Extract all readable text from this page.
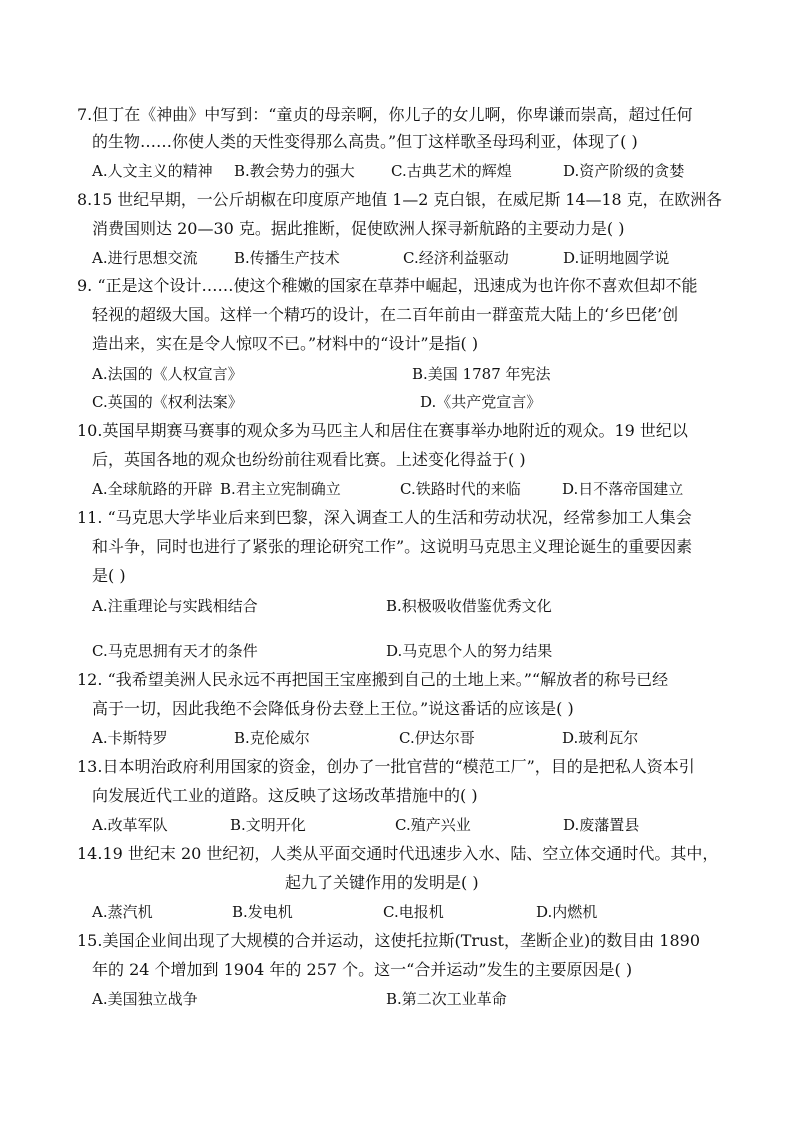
7.但丁在《神曲》中写到：“童贞的母亲啊，你儿子的女儿啊，你卑谦而崇高，超过任何
的生物……你使人类的天性变得那么高贵。”但丁这样歌圣母玛利亚，体现了( )
A.人文主义的精神 B.教会势力的强大 C.古典艺术的辉煌	D.资产阶级的贪婪
8.15 世纪早期，一公斤胡椒在印度原产地值 1—2 克白银，在威尼斯 14—18 克，在欧洲各
消费国则达 20—30 克。据此推断，促使欧洲人探寻新航路的主要动力是( )
A.进行思想交流 B.传播生产技术	C.经济利益驱动	D.证明地圆学说
9. “正是这个设计……使这个稚嫩的国家在草莽中崛起，迅速成为也许你不喜欢但却不能
轻视的超级大国。这样一个精巧的设计，在二百年前由一群蛮荒大陆上的‘乡巴佬’创
造出来，实在是令人惊叹不已。”材料中的“设计”是指( )
A.法国的《人权宣言》	B.美国 1787 年宪法
C.英国的《权利法案》	D.《共产党宣言》
10.英国早期赛马赛事的观众多为马匹主人和居住在赛事举办地附近的观众。19 世纪以
后，英国各地的观众也纷纷前往观看比赛。上述变化得益于( )
A.全球航路的开辟 B.君主立宪制确立	C.铁路时代的来临	D.日不落帝国建立
11. “马克思大学毕业后来到巴黎，深入调查工人的生活和劳动状况，经常参加工人集会
和斗争，同时也进行了紧张的理论研究工作”。这说明马克思主义理论诞生的重要因素
是( )
A.注重理论与实践相结合	B.积极吸收借鉴优秀文化
C.马克思拥有天才的条件	D.马克思个人的努力结果
12. “我希望美洲人民永远不再把国王宝座搬到自己的土地上来。”“解放者的称号已经
高于一切，因此我绝不会降低身份去登上王位。”说这番话的应该是( )
A.卡斯特罗	B.克伦威尔	C.伊达尔哥	D.玻利瓦尔
13.日本明治政府利用国家的资金，创办了一批官营的“模范工厂”，目的是把私人资本引
向发展近代工业的道路。这反映了这场改革措施中的( )
A.改革军队	B.文明开化	C.殖产兴业	D.废藩置县
14.19 世纪末 20 世纪初，人类从平面交通时代迅速步入水、陆、空立体交通时代。其中，
起九了关键作用的发明是( )
A.蒸汽机	B.发电机	C.电报机	D.内燃机
15.美国企业间出现了大规模的合并运动，这使托拉斯(Trust，垄断企业)的数目由 1890
年的 24 个增加到 1904 年的 257 个。这一“合并运动”发生的主要原因是( )
A.美国独立战争	B.第二次工业革命
